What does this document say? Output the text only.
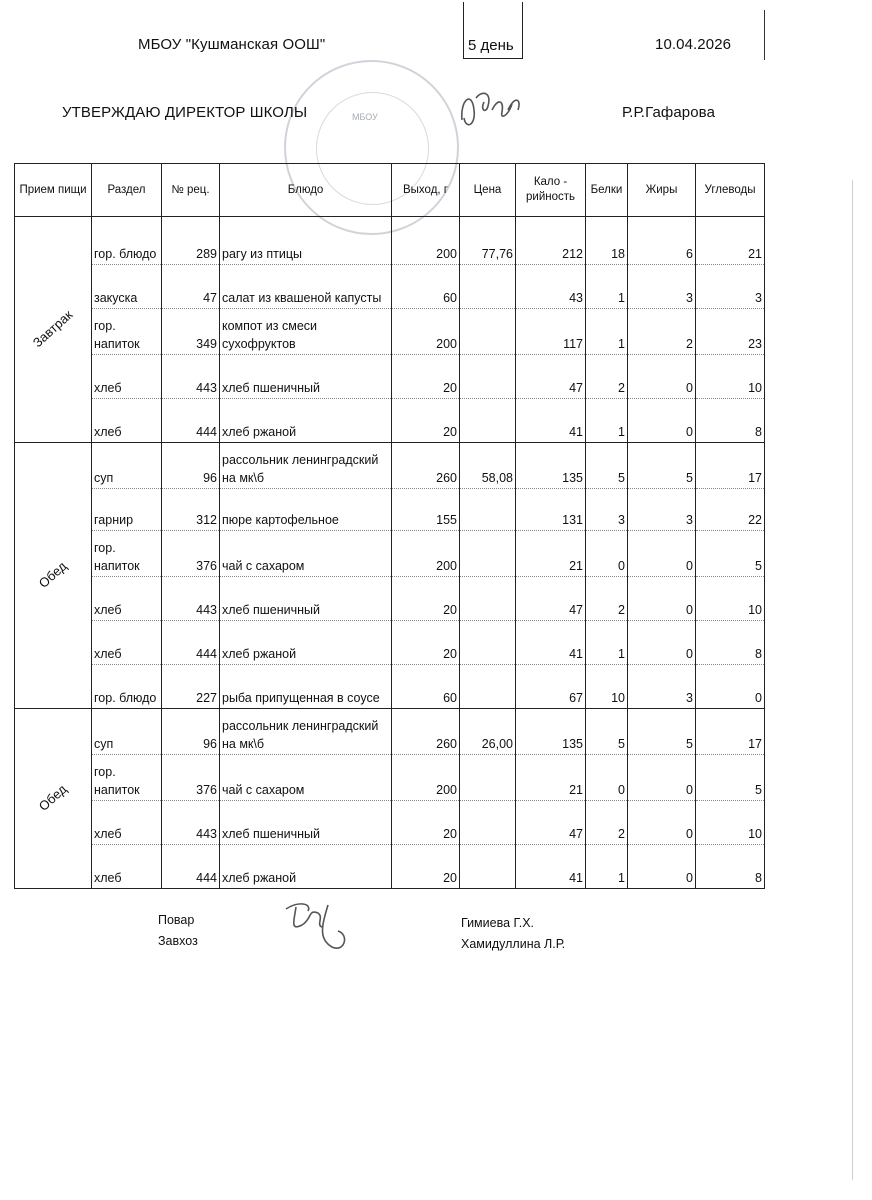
МБОУ "Кушманская ООШ"	5 день	10.04.2026
МБОУ
УТВЕРЖДАЮ ДИРЕКТОР ШКОЛЫ	Р.Р.Гафарова
Прием пищи	Раздел	№ рец.	Блюдо	Выход, г	Цена	Кало - рийность	Белки	Жиры	Углеводы
Завтрак	гор. блюдо	289	рагу из птицы	200	77,76	212	18	6	21
	закуска	47	салат из квашеной капусты	60		43	1	3	3
	гор. напиток	349	компот из смеси сухофруктов	200		117	1	2	23
	хлеб	443	хлеб пшеничный	20		47	2	0	10
	хлеб	444	хлеб ржаной	20		41	1	0	8
Обед	суп	96	рассольник ленинградский на мк\б	260	58,08	135	5	5	17
	гарнир	312	пюре картофельное	155		131	3	3	22
	гор. напиток	376	чай с сахаром	200		21	0	0	5
	хлеб	443	хлеб пшеничный	20		47	2	0	10
	хлеб	444	хлеб ржаной	20		41	1	0	8
	гор. блюдо	227	рыба припущенная в соусе	60		67	10	3	0
Обед	суп	96	рассольник ленинградский на мк\б	260	26,00	135	5	5	17
	гор. напиток	376	чай с сахаром	200		21	0	0	5
	хлеб	443	хлеб пшеничный	20		47	2	0	10
	хлеб	444	хлеб ржаной	20		41	1	0	8
Повар
Завхоз
Гимиева Г.Х.
Хамидуллина Л.Р.
